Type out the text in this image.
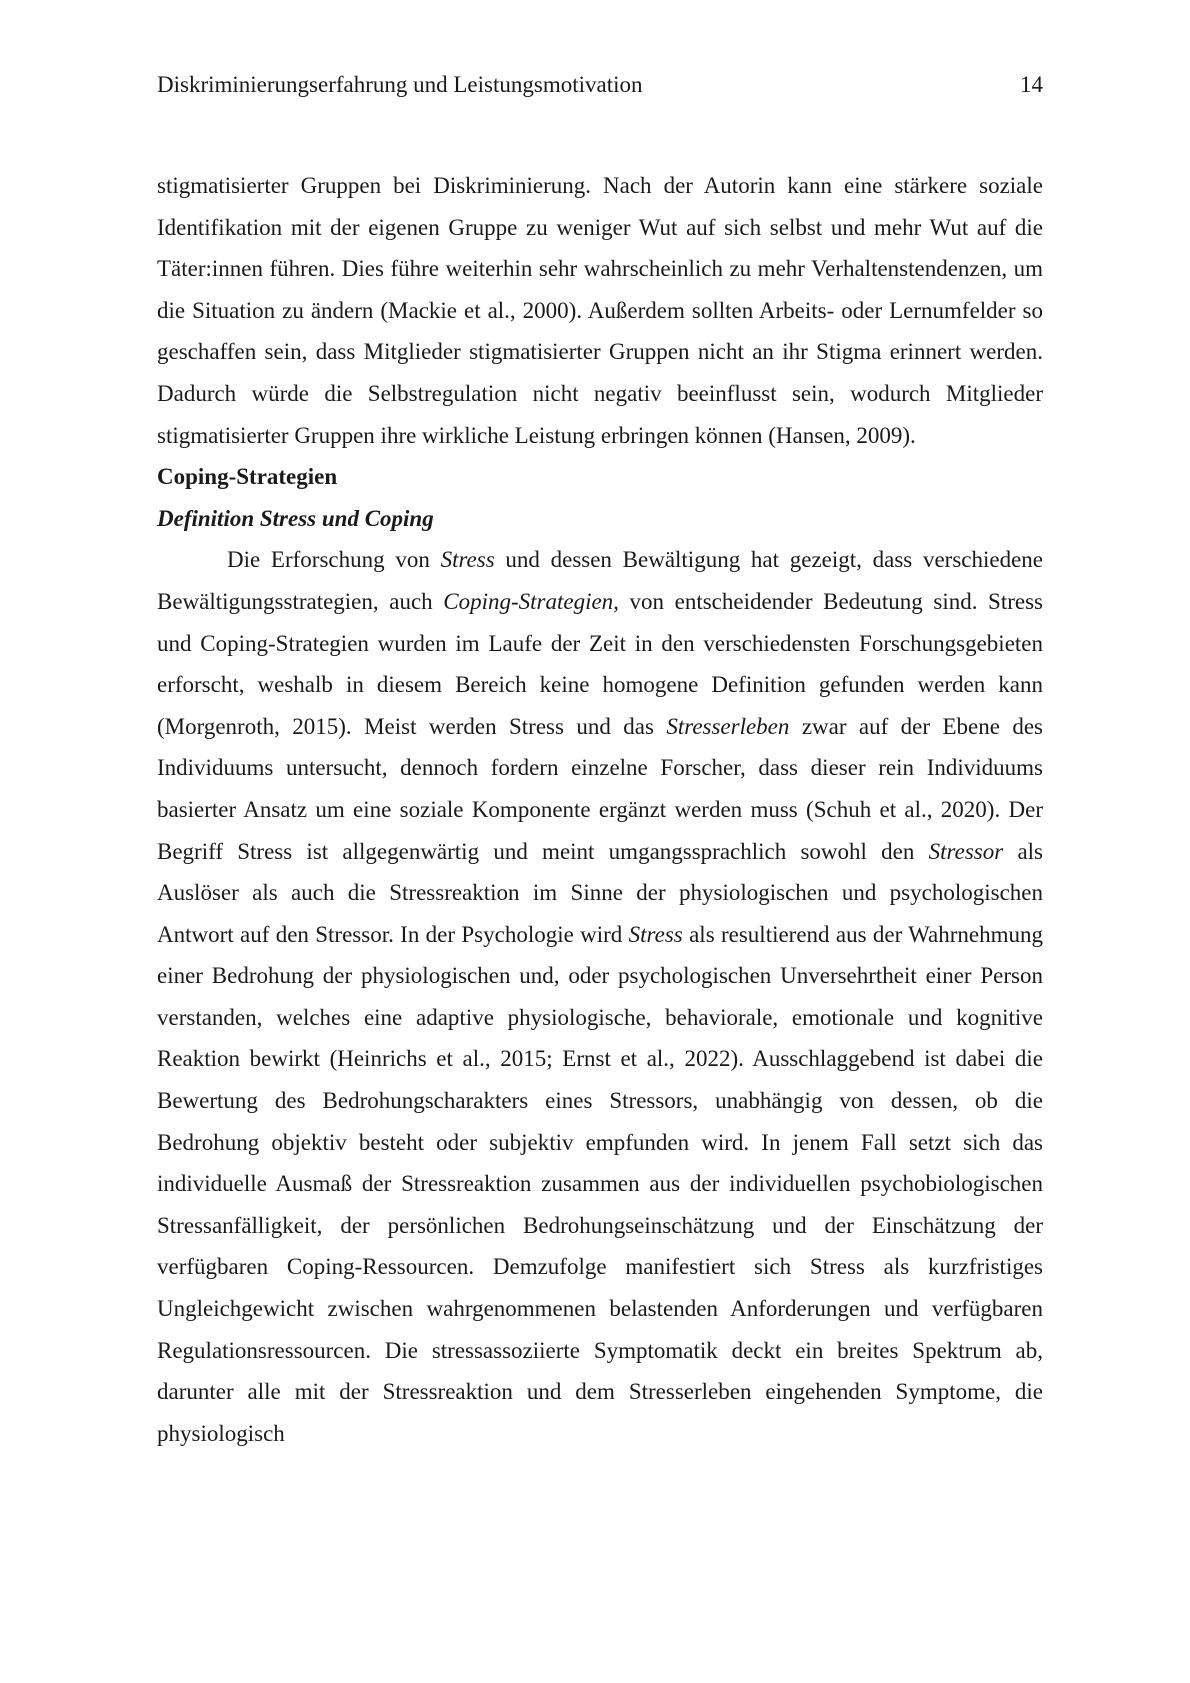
Diskriminierungserfahrung und Leistungsmotivation	14

stigmatisierter Gruppen bei Diskriminierung. Nach der Autorin kann eine stärkere soziale Identifikation mit der eigenen Gruppe zu weniger Wut auf sich selbst und mehr Wut auf die Täter:innen führen. Dies führe weiterhin sehr wahrscheinlich zu mehr Verhaltenstendenzen, um die Situation zu ändern (Mackie et al., 2000). Außerdem sollten Arbeits- oder Lernumfelder so geschaffen sein, dass Mitglieder stigmatisierter Gruppen nicht an ihr Stigma erinnert werden. Dadurch würde die Selbstregulation nicht negativ beeinflusst sein, wodurch Mitglieder stigmatisierter Gruppen ihre wirkliche Leistung erbringen können (Hansen, 2009).

Coping-Strategien
Definition Stress und Coping

Die Erforschung von Stress und dessen Bewältigung hat gezeigt, dass verschiedene Bewältigungsstrategien, auch Coping-Strategien, von entscheidender Bedeutung sind. Stress und Coping-Strategien wurden im Laufe der Zeit in den verschiedensten Forschungsgebieten erforscht, weshalb in diesem Bereich keine homogene Definition gefunden werden kann (Morgenroth, 2015). Meist werden Stress und das Stresserleben zwar auf der Ebene des Individuums untersucht, dennoch fordern einzelne Forscher, dass dieser rein Individuums basierter Ansatz um eine soziale Komponente ergänzt werden muss (Schuh et al., 2020). Der Begriff Stress ist allgegenwärtig und meint umgangssprachlich sowohl den Stressor als Auslöser als auch die Stressreaktion im Sinne der physiologischen und psychologischen Antwort auf den Stressor. In der Psychologie wird Stress als resultierend aus der Wahrnehmung einer Bedrohung der physiologischen und, oder psychologischen Unversehrtheit einer Person verstanden, welches eine adaptive physiologische, behaviorale, emotionale und kognitive Reaktion bewirkt (Heinrichs et al., 2015; Ernst et al., 2022). Ausschlaggebend ist dabei die Bewertung des Bedrohungscharakters eines Stressors, unabhängig von dessen, ob die Bedrohung objektiv besteht oder subjektiv empfunden wird. In jenem Fall setzt sich das individuelle Ausmaß der Stressreaktion zusammen aus der individuellen psychobiologischen Stressanfälligkeit, der persönlichen Bedrohungseinschätzung und der Einschätzung der verfügbaren Coping-Ressourcen. Demzufolge manifestiert sich Stress als kurzfristiges Ungleichgewicht zwischen wahrgenommenen belastenden Anforderungen und verfügbaren Regulationsressourcen. Die stressassoziierte Symptomatik deckt ein breites Spektrum ab, darunter alle mit der Stressreaktion und dem Stresserleben eingehenden Symptome, die physiologisch
